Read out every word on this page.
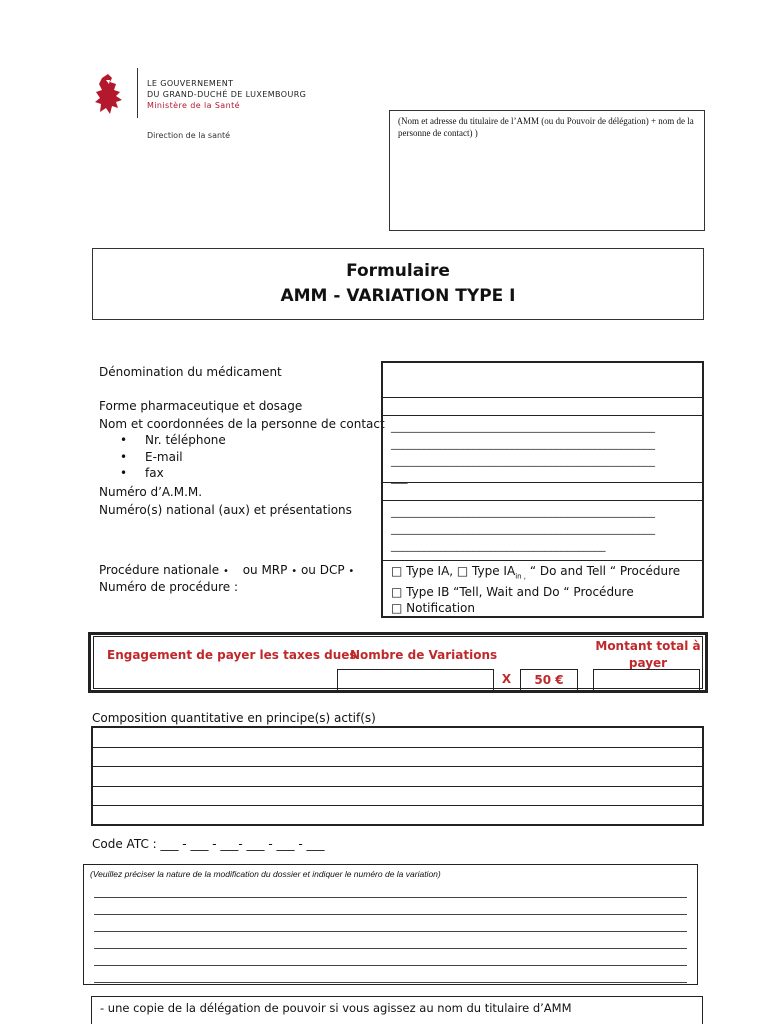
LE GOUVERNEMENT
DU GRAND-DUCHÉ DE LUXEMBOURG
Ministère de la Santé
Direction de la santé
(Nom et adresse du titulaire de l’AMM (ou du Pouvoir de délégation) + nom de la personne de contact) )
Formulaire
AMM - VARIATION TYPE I
Dénomination du médicament
Forme pharmaceutique et dosage
Nom et coordonnées de la personne de contact
• Nr. téléphone
• E-mail
• fax
Numéro d’A.M.M.
Numéro(s) national (aux) et présentations
Procédure nationale • ou MRP • ou DCP •
Numéro de procédure :
________________________________________________
________________________________________________
________________________________________________
___
________________________________________________
________________________________________________
_______________________________________
□ Type IA, □ Type $IA_{in ,}$ “ Do and Tell “ Procédure
□ Type IB “Tell, Wait and Do “ Procédure
□ Notification
Engagement de payer les taxes dues
Nombre de Variations
Montant total à
payer
X	50 €
Composition quantitative en principe(s) actif(s)
Code ATC : ___ - ___ - ___- ___ - ___ - ___
(Veuillez préciser la nature de la modification du dossier et indiquer le numéro de la variation)
- une copie de la délégation de pouvoir si vous agissez au nom du titulaire d’AMM
